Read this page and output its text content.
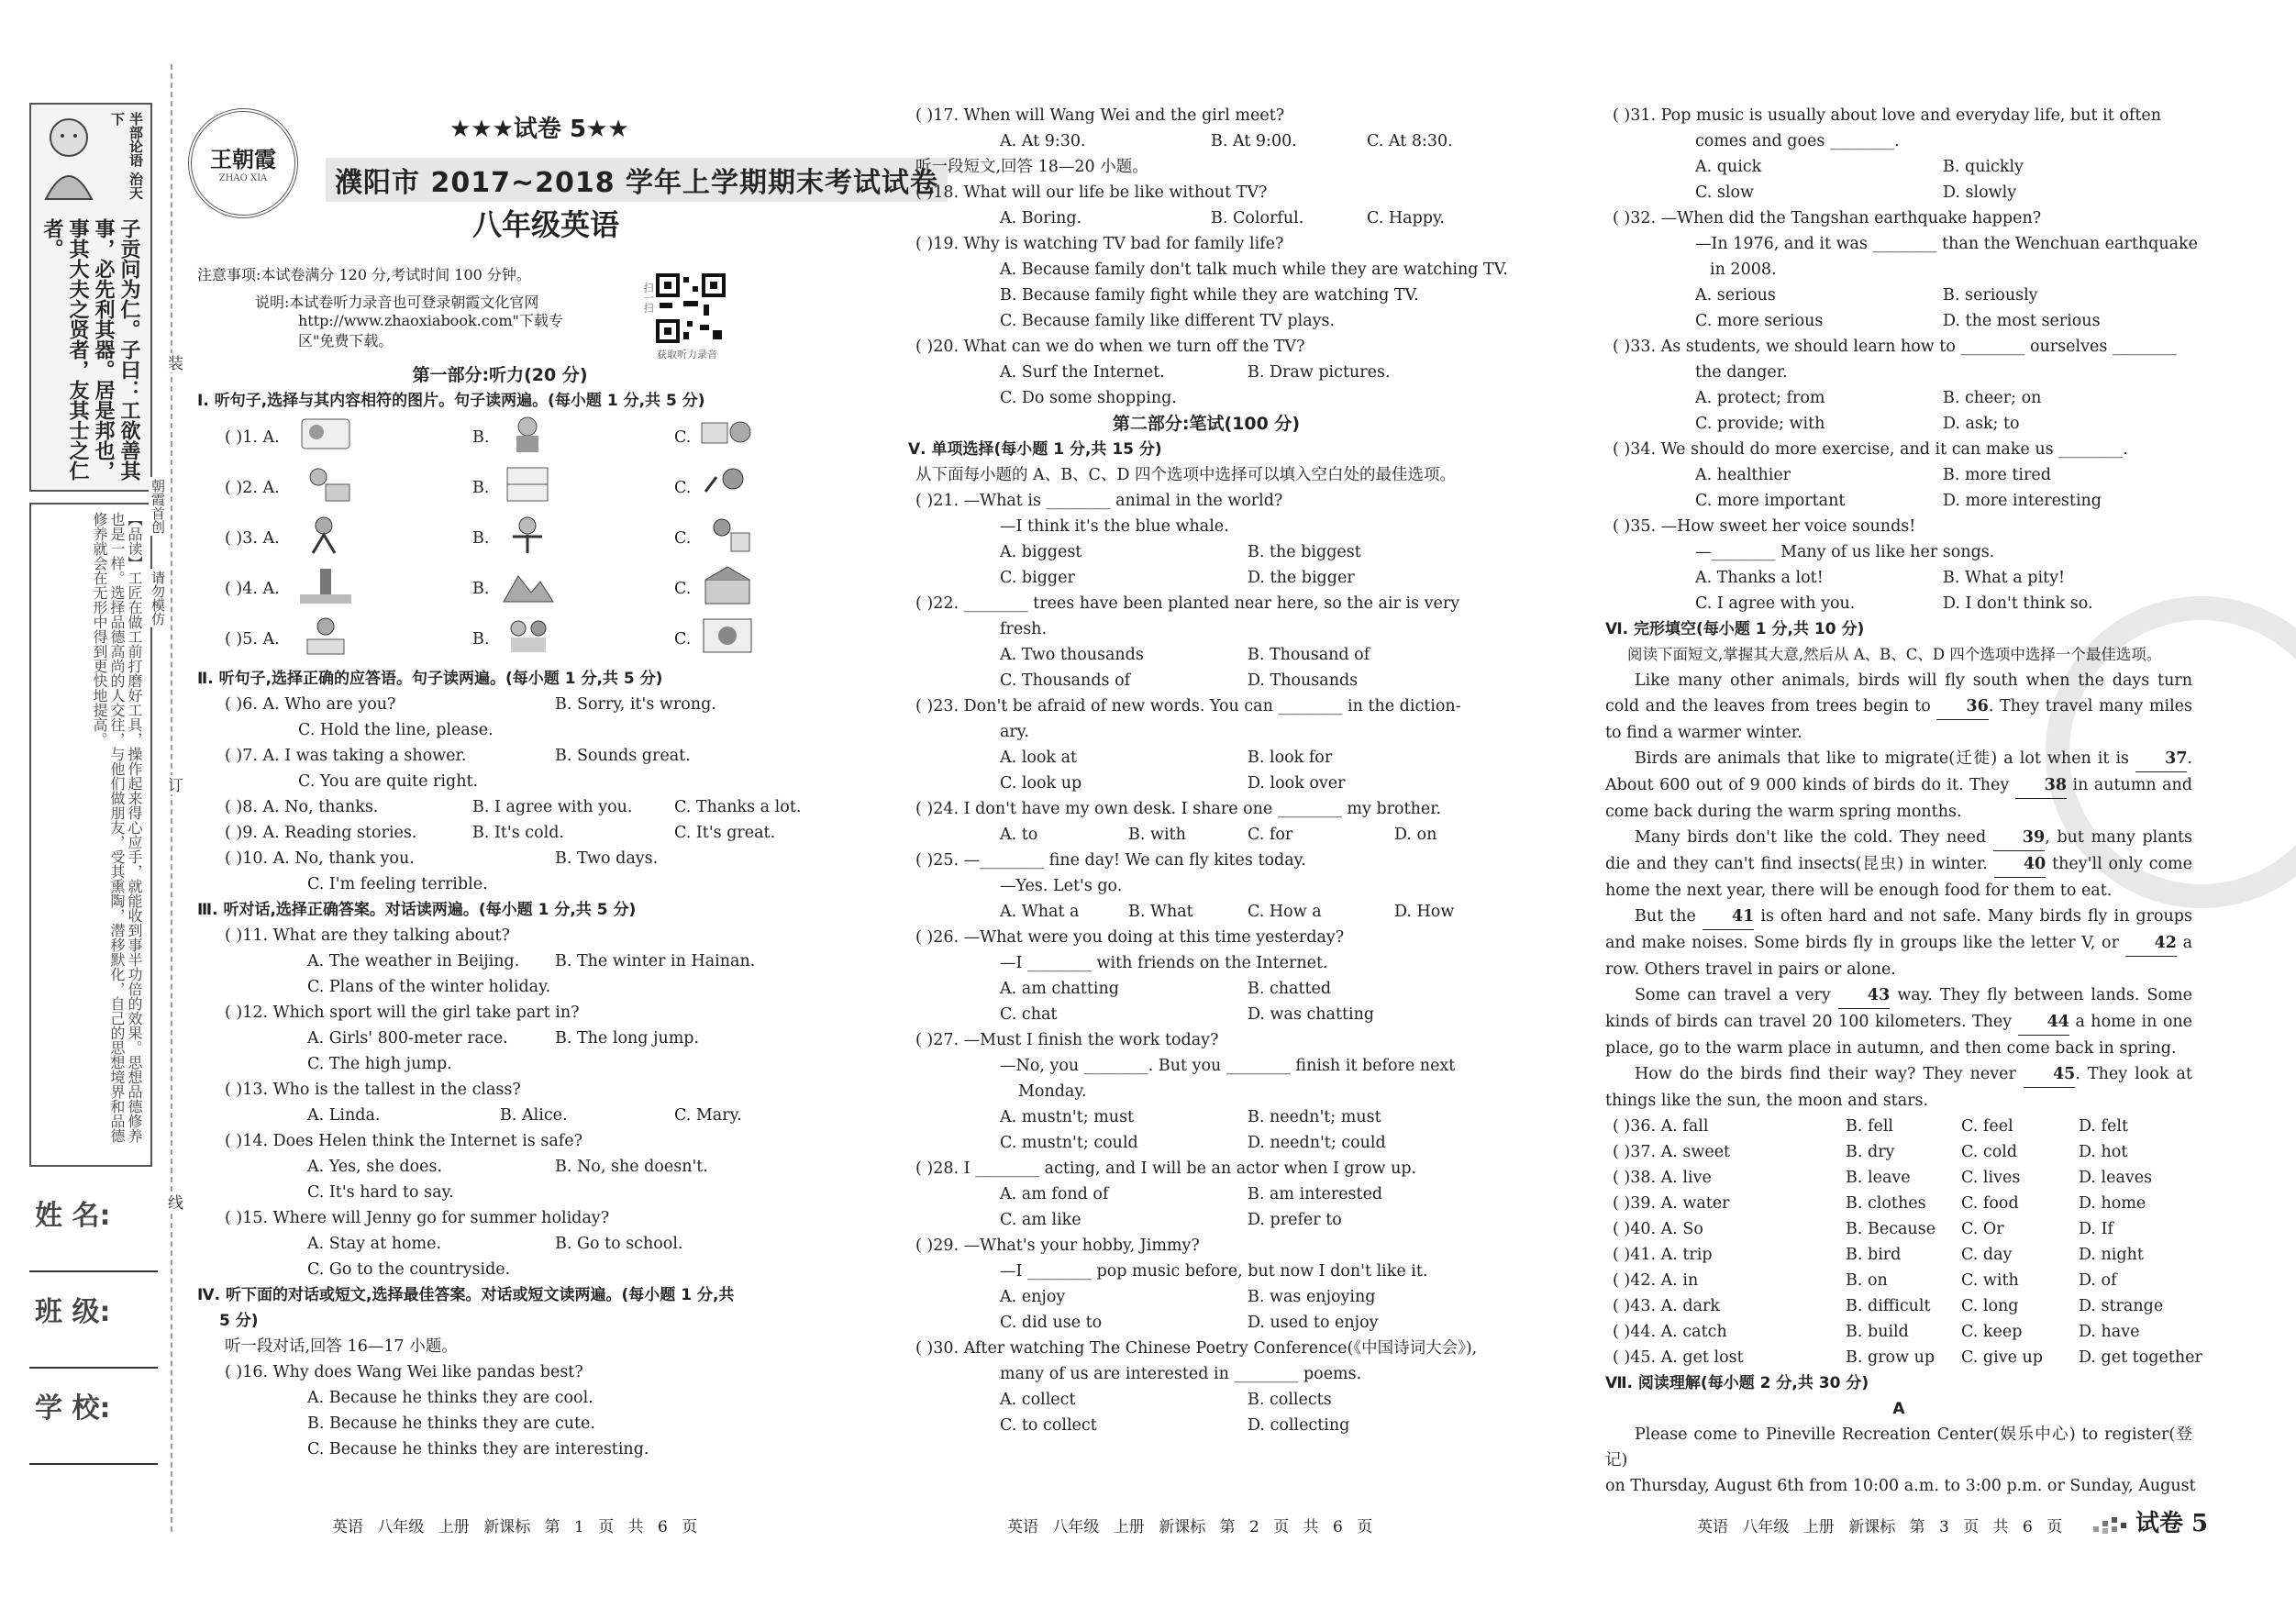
半部论语 治天下
子贡问为仁。子曰：工欲善其事，必先利其器。居是邦也，事其大夫之贤者，友其士之仁者。
【品读】工匠在做工前打磨好工具，操作起来得心应手，就能收到事半功倍的效果。思想品德修养也是一样。选择品德高尚的人交往，与他们做朋友，受其熏陶，潜移默化，自己的思想境界和品德修养就会在无形中得到更快地提高。
姓 名:
班 级:
学 校:
装
订
线
朝霞首创
请勿模仿
王朝霞
ZHAO XIA
★★★试卷 5★★
濮阳市 2017~2018 学年上学期期末考试试卷
八年级英语
注意事项:本试卷满分 120 分,考试时间 100 分钟。
说明:本试卷听力录音也可登录朝霞文化官网
http://www.zhaoxiabook.com"下载专区"免费下载。
扫一扫
获取听力录音
第一部分:听力(20 分)
Ⅰ. 听句子,选择与其内容相符的图片。句子读两遍。(每小题 1 分,共 5 分)
( )1. A.	B.	C.
( )2. A.	B.	C.
( )3. A.	B.	C.
( )4. A.	B.	C.
( )5. A.	B.	C.
Ⅱ. 听句子,选择正确的应答语。句子读两遍。(每小题 1 分,共 5 分)
( )6. A. Who are you?	B. Sorry, it's wrong.
C. Hold the line, please.
( )7. A. I was taking a shower.	B. Sounds great.
C. You are quite right.
( )8. A. No, thanks.	B. I agree with you.	C. Thanks a lot.
( )9. A. Reading stories.	B. It's cold.	C. It's great.
( )10. A. No, thank you.	B. Two days.
C. I'm feeling terrible.
Ⅲ. 听对话,选择正确答案。对话读两遍。(每小题 1 分,共 5 分)
( )11. What are they talking about?
A. The weather in Beijing. B. The winter in Hainan.
C. Plans of the winter holiday.
( )12. Which sport will the girl take part in?
A. Girls' 800-meter race.	B. The long jump.
C. The high jump.
( )13. Who is the tallest in the class?
A. Linda.	B. Alice.	C. Mary.
( )14. Does Helen think the Internet is safe?
A. Yes, she does.	B. No, she doesn't.
C. It's hard to say.
( )15. Where will Jenny go for summer holiday?
A. Stay at home.	B. Go to school.
C. Go to the countryside.
Ⅳ. 听下面的对话或短文,选择最佳答案。对话或短文读两遍。(每小题 1 分,共
5 分)
听一段对话,回答 16—17 小题。
( )16. Why does Wang Wei like pandas best?
A. Because he thinks they are cool.
B. Because he thinks they are cute.
C. Because he thinks they are interesting.
英语 八年级 上册 新课标 第 1 页 共 6 页
( )17. When will Wang Wei and the girl meet?
A. At 9:30.	B. At 9:00.	C. At 8:30.
听一段短文,回答 18—20 小题。
( )18. What will our life be like without TV?
A. Boring.	B. Colorful.	C. Happy.
( )19. Why is watching TV bad for family life?
A. Because family don't talk much while they are watching TV.
B. Because family fight while they are watching TV.
C. Because family like different TV plays.
( )20. What can we do when we turn off the TV?
A. Surf the Internet.	B. Draw pictures.
C. Do some shopping.
第二部分:笔试(100 分)
Ⅴ. 单项选择(每小题 1 分,共 15 分)
从下面每小题的 A、B、C、D 四个选项中选择可以填入空白处的最佳选项。
( )21. —What is ________ animal in the world?
—I think it's the blue whale.
A. biggest	B. the biggest
C. bigger	D. the bigger
( )22. ________ trees have been planted near here, so the air is very
fresh.
A. Two thousands	B. Thousand of
C. Thousands of	D. Thousands
( )23. Don't be afraid of new words. You can ________ in the diction-
ary.
A. look at	B. look for
C. look up	D. look over
( )24. I don't have my own desk. I share one ________ my brother.
A. to	B. with	C. for	D. on
( )25. —________ fine day! We can fly kites today.
—Yes. Let's go.
A. What a	B. What	C. How a	D. How
( )26. —What were you doing at this time yesterday?
—I ________ with friends on the Internet.
A. am chatting	B. chatted
C. chat	D. was chatting
( )27. —Must I finish the work today?
—No, you ________. But you ________ finish it before next
Monday.
A. mustn't; must	B. needn't; must
C. mustn't; could	D. needn't; could
( )28. I ________ acting, and I will be an actor when I grow up.
A. am fond of	B. am interested
C. am like	D. prefer to
( )29. —What's your hobby, Jimmy?
—I ________ pop music before, but now I don't like it.
A. enjoy	B. was enjoying
C. did use to	D. used to enjoy
( )30. After watching The Chinese Poetry Conference(《中国诗词大会》),
many of us are interested in ________ poems.
A. collect	B. collects
C. to collect	D. collecting
英语 八年级 上册 新课标 第 2 页 共 6 页
( )31. Pop music is usually about love and everyday life, but it often
comes and goes ________.
A. quick	B. quickly
C. slow	D. slowly
( )32. —When did the Tangshan earthquake happen?
—In 1976, and it was ________ than the Wenchuan earthquake
in 2008.
A. serious	B. seriously
C. more serious	D. the most serious
( )33. As students, we should learn how to ________ ourselves ________
the danger.
A. protect; from	B. cheer; on
C. provide; with	D. ask; to
( )34. We should do more exercise, and it can make us ________.
A. healthier	B. more tired
C. more important	D. more interesting
( )35. —How sweet her voice sounds!
—________ Many of us like her songs.
A. Thanks a lot!	B. What a pity!
C. I agree with you.	D. I don't think so.
Ⅵ. 完形填空(每小题 1 分,共 10 分)
阅读下面短文,掌握其大意,然后从 A、B、C、D 四个选项中选择一个最佳选项。
Like many other animals, birds will fly south when the days turn cold and the leaves from trees begin to 36. They travel many miles to find a warmer winter.
Birds are animals that like to migrate(迁徙) a lot when it is 37. About 600 out of 9 000 kinds of birds do it. They 38 in autumn and come back during the warm spring months.
Many birds don't like the cold. They need 39, but many plants die and they can't find insects(昆虫) in winter. 40 they'll only come home the next year, there will be enough food for them to eat.
But the 41 is often hard and not safe. Many birds fly in groups and make noises. Some birds fly in groups like the letter V, or 42 a row. Others travel in pairs or alone.
Some can travel a very 43 way. They fly between lands. Some kinds of birds can travel 20 100 kilometers. They 44 a home in one place, go to the warm place in autumn, and then come back in spring.
How do the birds find their way? They never 45. They look at things like the sun, the moon and stars.
( )36. A. fall	B. fell	C. feel	D. felt
( )37. A. sweet	B. dry	C. cold	D. hot
( )38. A. live	B. leave	C. lives	D. leaves
( )39. A. water	B. clothes C. food	D. home
( )40. A. So	B. Because C. Or	D. If
( )41. A. trip	B. bird	C. day	D. night
( )42. A. in	B. on	C. with	D. of
( )43. A. dark	B. difficult C. long	D. strange
( )44. A. catch	B. build	C. keep	D. have
( )45. A. get lost	B. grow up C. give up D. get together
Ⅶ. 阅读理解(每小题 2 分,共 30 分)
A
Please come to Pineville Recreation Center(娱乐中心) to register(登记)
on Thursday, August 6th from 10:00 a.m. to 3:00 p.m. or Sunday, August
英语 八年级 上册 新课标 第 3 页 共 6 页	试卷 5
